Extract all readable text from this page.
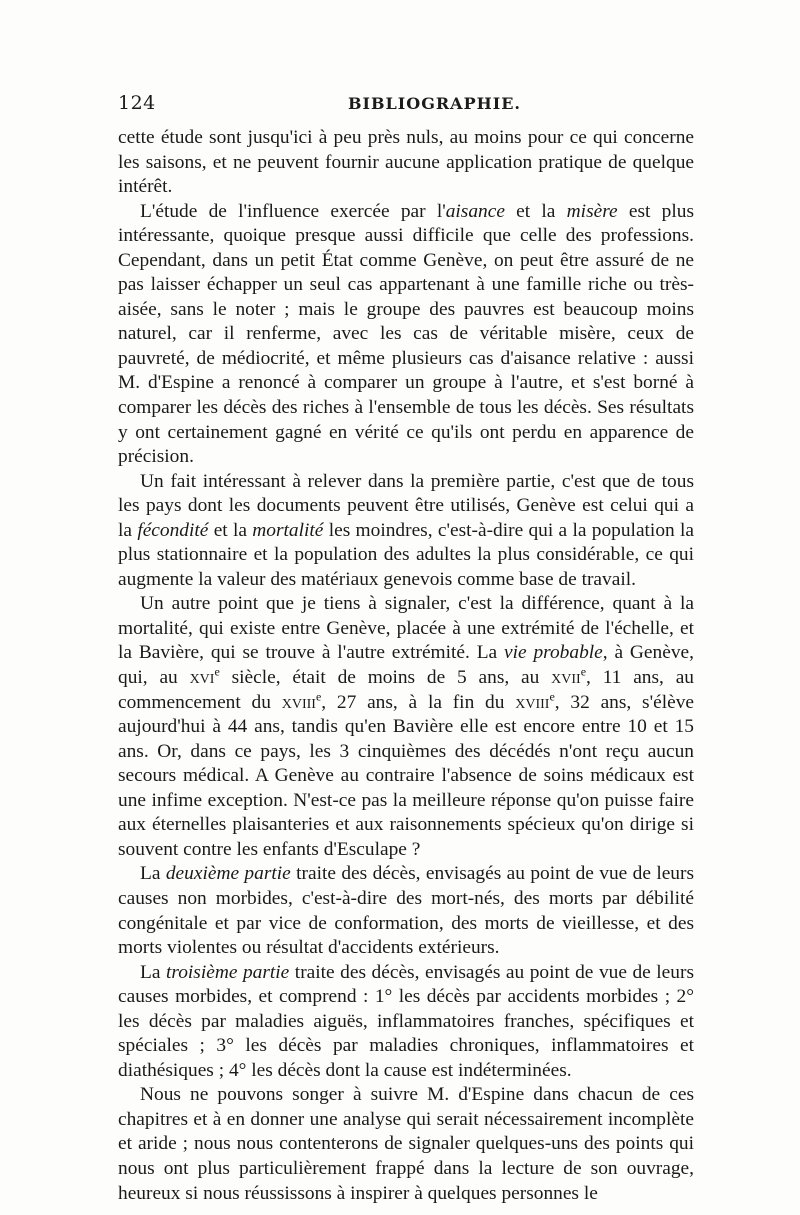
124	BIBLIOGRAPHIE.

cette étude sont jusqu'ici à peu près nuls, au moins pour ce qui concerne les saisons, et ne peuvent fournir aucune application pratique de quelque intérêt.

L'étude de l'influence exercée par l'aisance et la misère est plus intéressante, quoique presque aussi difficile que celle des professions. Cependant, dans un petit État comme Genève, on peut être assuré de ne pas laisser échapper un seul cas appartenant à une famille riche ou très-aisée, sans le noter ; mais le groupe des pauvres est beaucoup moins naturel, car il renferme, avec les cas de véritable misère, ceux de pauvreté, de médiocrité, et même plusieurs cas d'aisance relative : aussi M. d'Espine a renoncé à comparer un groupe à l'autre, et s'est borné à comparer les décès des riches à l'ensemble de tous les décès. Ses résultats y ont certainement gagné en vérité ce qu'ils ont perdu en apparence de précision.

Un fait intéressant à relever dans la première partie, c'est que de tous les pays dont les documents peuvent être utilisés, Genève est celui qui a la fécondité et la mortalité les moindres, c'est-à-dire qui a la population la plus stationnaire et la population des adultes la plus considérable, ce qui augmente la valeur des matériaux genevois comme base de travail.

Un autre point que je tiens à signaler, c'est la différence, quant à la mortalité, qui existe entre Genève, placée à une extrémité de l'échelle, et la Bavière, qui se trouve à l'autre extrémité. La vie probable, à Genève, qui, au xvi$^e$ siècle, était de moins de 5 ans, au xvii$^e$, 11 ans, au commencement du xviii$^e$, 27 ans, à la fin du xviii$^e$, 32 ans, s'élève aujourd'hui à 44 ans, tandis qu'en Bavière elle est encore entre 10 et 15 ans. Or, dans ce pays, les 3 cinquièmes des décédés n'ont reçu aucun secours médical. A Genève au contraire l'absence de soins médicaux est une infime exception. N'est-ce pas la meilleure réponse qu'on puisse faire aux éternelles plaisanteries et aux raisonnements spécieux qu'on dirige si souvent contre les enfants d'Esculape ?

La deuxième partie traite des décès, envisagés au point de vue de leurs causes non morbides, c'est-à-dire des mort-nés, des morts par débilité congénitale et par vice de conformation, des morts de vieillesse, et des morts violentes ou résultat d'accidents extérieurs.

La troisième partie traite des décès, envisagés au point de vue de leurs causes morbides, et comprend : 1° les décès par accidents morbides ; 2° les décès par maladies aiguës, inflammatoires franches, spécifiques et spéciales ; 3° les décès par maladies chroniques, inflammatoires et diathésiques ; 4° les décès dont la cause est indéterminées.

Nous ne pouvons songer à suivre M. d'Espine dans chacun de ces chapitres et à en donner une analyse qui serait nécessairement incomplète et aride ; nous nous contenterons de signaler quelques-uns des points qui nous ont plus particulièrement frappé dans la lecture de son ouvrage, heureux si nous réussissons à inspirer à quelques personnes le
